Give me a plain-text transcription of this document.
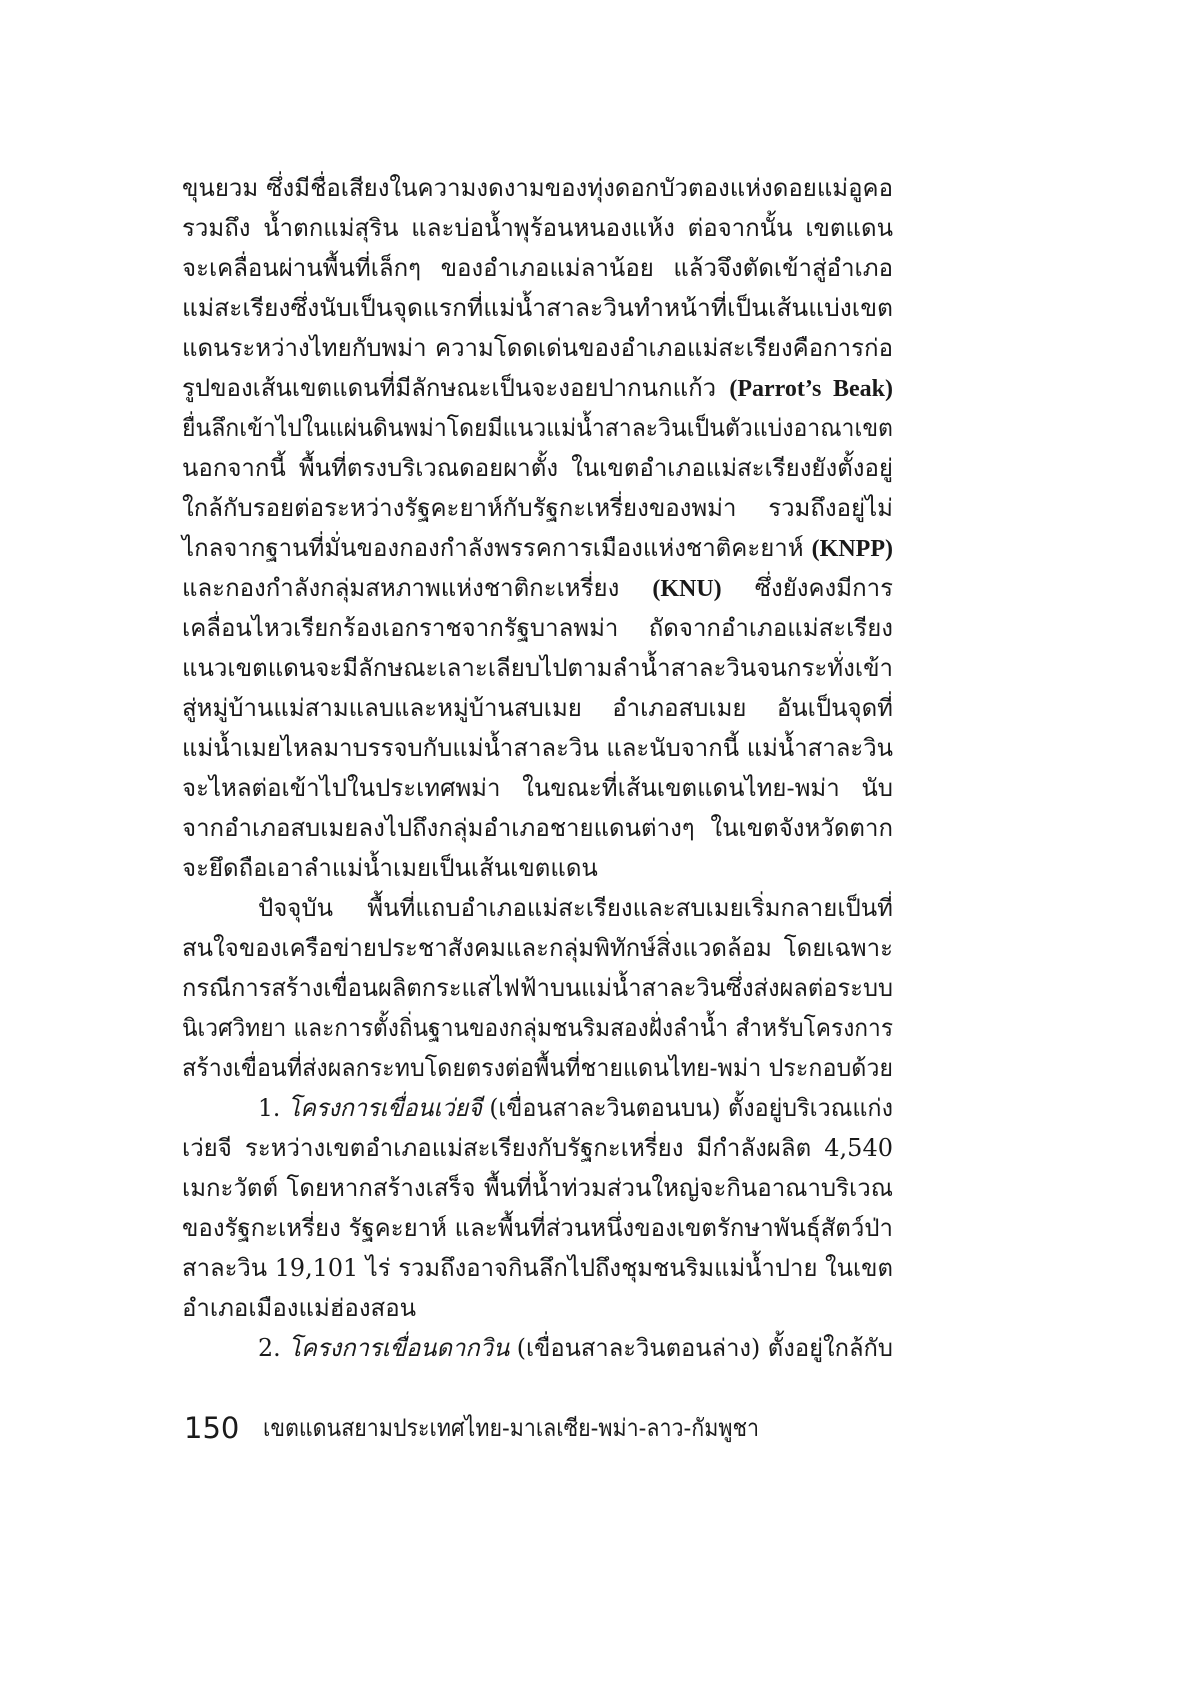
ขุนยวม ซึ่งมีชื่อเสียงในความงดงามของทุ่งดอกบัวตองแห่งดอยแม่อูคอ
รวมถึง น้ำตกแม่สุริน และบ่อน้ำพุร้อนหนองแห้ง ต่อจากนั้น เขตแดน
จะเคลื่อนผ่านพื้นที่เล็กๆ ของอำเภอแม่ลาน้อย แล้วจึงตัดเข้าสู่อำเภอ
แม่สะเรียงซึ่งนับเป็นจุดแรกที่แม่น้ำสาละวินทำหน้าที่เป็นเส้นแบ่งเขต
แดนระหว่างไทยกับพม่า ความโดดเด่นของอำเภอแม่สะเรียงคือการก่อ
รูปของเส้นเขตแดนที่มีลักษณะเป็นจะงอยปากนกแก้ว (Parrot’s Beak)
ยื่นลึกเข้าไปในแผ่นดินพม่าโดยมีแนวแม่น้ำสาละวินเป็นตัวแบ่งอาณาเขต
นอกจากนี้ พื้นที่ตรงบริเวณดอยผาตั้ง ในเขตอำเภอแม่สะเรียงยังตั้งอยู่
ใกล้กับรอยต่อระหว่างรัฐคะยาห์กับรัฐกะเหรี่ยงของพม่า รวมถึงอยู่ไม่
ไกลจากฐานที่มั่นของกองกำลังพรรคการเมืองแห่งชาติคะยาห์ (KNPP)
และกองกำลังกลุ่มสหภาพแห่งชาติกะเหรี่ยง (KNU) ซึ่งยังคงมีการ
เคลื่อนไหวเรียกร้องเอกราชจากรัฐบาลพม่า ถัดจากอำเภอแม่สะเรียง
แนวเขตแดนจะมีลักษณะเลาะเลียบไปตามลำน้ำสาละวินจนกระทั่งเข้า
สู่หมู่บ้านแม่สามแลบและหมู่บ้านสบเมย อำเภอสบเมย อันเป็นจุดที่
แม่น้ำเมยไหลมาบรรจบกับแม่น้ำสาละวิน และนับจากนี้ แม่น้ำสาละวิน
จะไหลต่อเข้าไปในประเทศพม่า ในขณะที่เส้นเขตแดนไทย-พม่า นับ
จากอำเภอสบเมยลงไปถึงกลุ่มอำเภอชายแดนต่างๆ ในเขตจังหวัดตาก
จะยึดถือเอาลำแม่น้ำเมยเป็นเส้นเขตแดน
ปัจจุบัน พื้นที่แถบอำเภอแม่สะเรียงและสบเมยเริ่มกลายเป็นที่
สนใจของเครือข่ายประชาสังคมและกลุ่มพิทักษ์สิ่งแวดล้อม โดยเฉพาะ
กรณีการสร้างเขื่อนผลิตกระแสไฟฟ้าบนแม่น้ำสาละวินซึ่งส่งผลต่อระบบ
นิเวศวิทยา และการตั้งถิ่นฐานของกลุ่มชนริมสองฝั่งลำน้ำ สำหรับโครงการ
สร้างเขื่อนที่ส่งผลกระทบโดยตรงต่อพื้นที่ชายแดนไทย-พม่า ประกอบด้วย
1. โครงการเขื่อนเว่ยจี (เขื่อนสาละวินตอนบน) ตั้งอยู่บริเวณแก่ง
เว่ยจี ระหว่างเขตอำเภอแม่สะเรียงกับรัฐกะเหรี่ยง มีกำลังผลิต 4,540
เมกะวัตต์ โดยหากสร้างเสร็จ พื้นที่น้ำท่วมส่วนใหญ่จะกินอาณาบริเวณ
ของรัฐกะเหรี่ยง รัฐคะยาห์ และพื้นที่ส่วนหนึ่งของเขตรักษาพันธุ์สัตว์ป่า
สาละวิน 19,101 ไร่ รวมถึงอาจกินลึกไปถึงชุมชนริมแม่น้ำปาย ในเขต
อำเภอเมืองแม่ฮ่องสอน
2. โครงการเขื่อนดากวิน (เขื่อนสาละวินตอนล่าง) ตั้งอยู่ใกล้กับ
150 เขตแดนสยามประเทศไทย-มาเลเซีย-พม่า-ลาว-กัมพูชา
